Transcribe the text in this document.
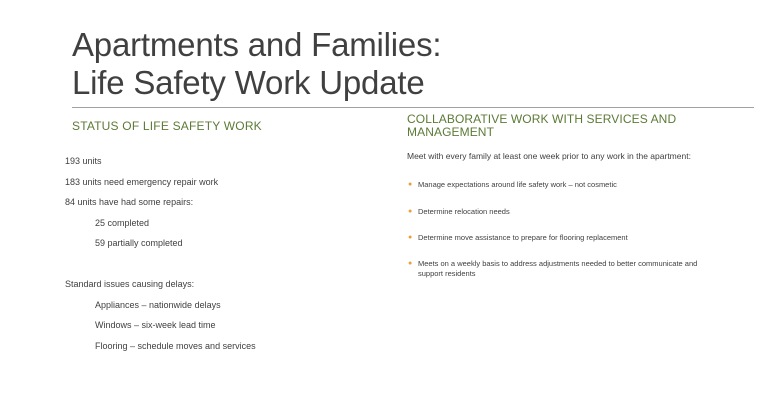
Apartments and Families:
Life Safety Work Update
STATUS OF LIFE SAFETY WORK	COLLABORATIVE WORK WITH SERVICES AND
MANAGEMENT

193 units

183 units need emergency repair work

84 units have had some repairs:

25 completed

59 partially completed

Standard issues causing delays:

Appliances – nationwide delays

Windows – six-week lead time

Flooring – schedule moves and services

Meet with every family at least one week prior to any work in the apartment:

● Manage expectations around life safety work – not cosmetic
● Determine relocation needs
● Determine move assistance to prepare for flooring replacement
● Meets on a weekly basis to address adjustments needed to better communicate and support residents
